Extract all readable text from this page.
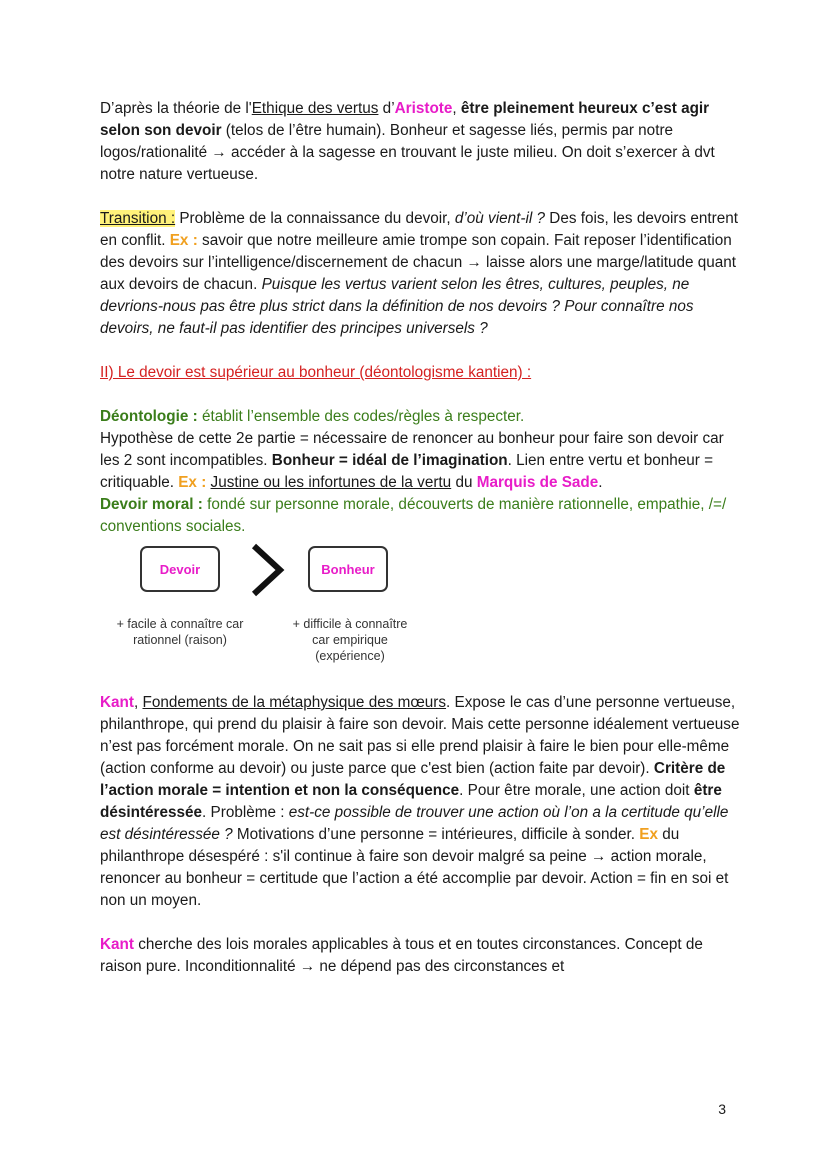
D’après la théorie de l'Ethique des vertus d’Aristote, être pleinement heureux c’est agir selon son devoir (telos de l’être humain). Bonheur et sagesse liés, permis par notre logos/rationalité → accéder à la sagesse en trouvant le juste milieu. On doit s’exercer à dvt notre nature vertueuse.

Transition : Problème de la connaissance du devoir, d’où vient-il ? Des fois, les devoirs entrent en conflit. Ex : savoir que notre meilleure amie trompe son copain. Fait reposer l’identification des devoirs sur l’intelligence/discernement de chacun → laisse alors une marge/latitude quant aux devoirs de chacun. Puisque les vertus varient selon les êtres, cultures, peuples, ne devrions-nous pas être plus strict dans la définition de nos devoirs ? Pour connaître nos devoirs, ne faut-il pas identifier des principes universels ?

II) Le devoir est supérieur au bonheur (déontologisme kantien) :

Déontologie : établit l’ensemble des codes/règles à respecter.
Hypothèse de cette 2e partie = nécessaire de renoncer au bonheur pour faire son devoir car les 2 sont incompatibles. Bonheur = idéal de l’imagination. Lien entre vertu et bonheur = critiquable. Ex : Justine ou les infortunes de la vertu du Marquis de Sade.
Devoir moral : fondé sur personne morale, découverts de manière rationnelle, empathie, /=/ conventions sociales.

Devoir	Bonheur
+ facile à connaître car
rationnel (raison)
+ difficile à connaître
car empirique
(expérience)

Kant, Fondements de la métaphysique des mœurs. Expose le cas d’une personne vertueuse, philanthrope, qui prend du plaisir à faire son devoir. Mais cette personne idéalement vertueuse n’est pas forcément morale. On ne sait pas si elle prend plaisir à faire le bien pour elle-même (action conforme au devoir) ou juste parce que c'est bien (action faite par devoir). Critère de l’action morale = intention et non la conséquence. Pour être morale, une action doit être désintéressée. Problème : est-ce possible de trouver une action où l’on a la certitude qu’elle est désintéressée ? Motivations d’une personne = intérieures, difficile à sonder. Ex du philanthrope désespéré : s'il continue à faire son devoir malgré sa peine → action morale, renoncer au bonheur = certitude que l’action a été accomplie par devoir. Action = fin en soi et non un moyen.

Kant cherche des lois morales applicables à tous et en toutes circonstances. Concept de raison pure. Inconditionnalité → ne dépend pas des circonstances et

3
